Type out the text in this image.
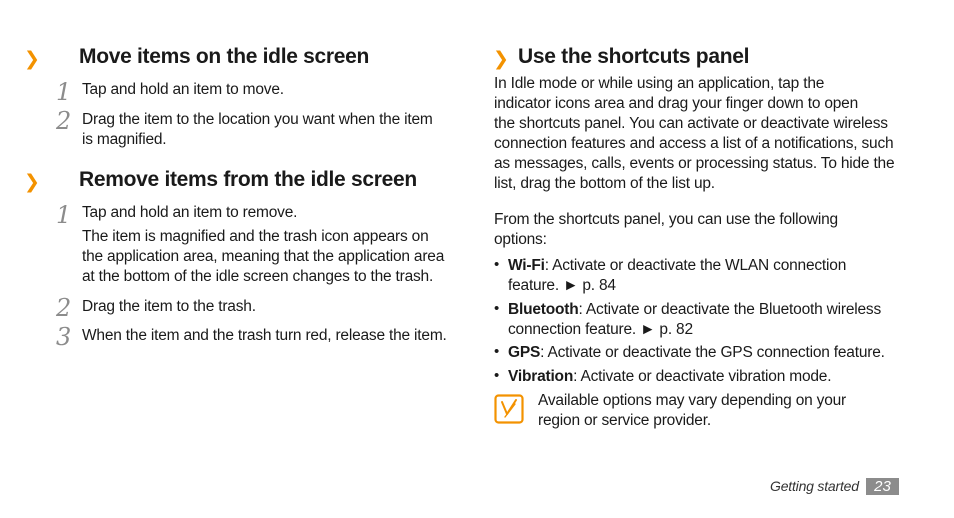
❯ Move items on the idle screen
1 Tap and hold an item to move.
2 Drag the item to the location you want when the item
is magnified.
❯ Remove items from the idle screen
1 Tap and hold an item to remove.
The item is magnified and the trash icon appears on
the application area, meaning that the application area
at the bottom of the idle screen changes to the trash.
2 Drag the item to the trash.
3 When the item and the trash turn red, release the item.
❯ Use the shortcuts panel
In Idle mode or while using an application, tap the
indicator icons area and drag your finger down to open
the shortcuts panel. You can activate or deactivate wireless
connection features and access a list of a notifications, such
as messages, calls, events or processing status. To hide the
list, drag the bottom of the list up.
From the shortcuts panel, you can use the following
options:
• Wi-Fi: Activate or deactivate the WLAN connection
feature. ► p. 84
• Bluetooth: Activate or deactivate the Bluetooth wireless
connection feature. ► p. 82
• GPS: Activate or deactivate the GPS connection feature.
• Vibration: Activate or deactivate vibration mode.
Available options may vary depending on your
region or service provider.
Getting started	23
